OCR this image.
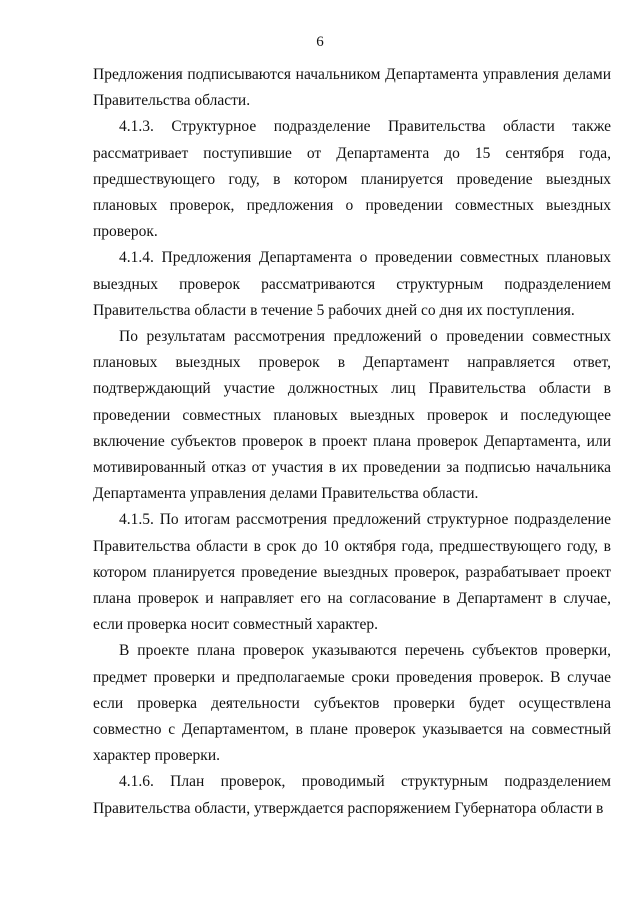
6

Предложения подписываются начальником Департамента управления делами Правительства области.

4.1.3. Структурное подразделение Правительства области также рассматривает поступившие от Департамента до 15 сентября года, предшествующего году, в котором планируется проведение выездных плановых проверок, предложения о проведении совместных выездных проверок.

4.1.4. Предложения Департамента о проведении совместных плановых выездных проверок рассматриваются структурным подразделением Правительства области в течение 5 рабочих дней со дня их поступления.

По результатам рассмотрения предложений о проведении совместных плановых выездных проверок в Департамент направляется ответ, подтверждающий участие должностных лиц Правительства области в проведении совместных плановых выездных проверок и последующее включение субъектов проверок в проект плана проверок Департамента, или мотивированный отказ от участия в их проведении за подписью начальника Департамента управления делами Правительства области.

4.1.5. По итогам рассмотрения предложений структурное подразделение Правительства области в срок до 10 октября года, предшествующего году, в котором планируется проведение выездных проверок, разрабатывает проект плана проверок и направляет его на согласование в Департамент в случае, если проверка носит совместный характер.

В проекте плана проверок указываются перечень субъектов проверки, предмет проверки и предполагаемые сроки проведения проверок. В случае если проверка деятельности субъектов проверки будет осуществлена совместно с Департаментом, в плане проверок указывается на совместный характер проверки.

4.1.6. План проверок, проводимый структурным подразделением Правительства области, утверждается распоряжением Губернатора области в
